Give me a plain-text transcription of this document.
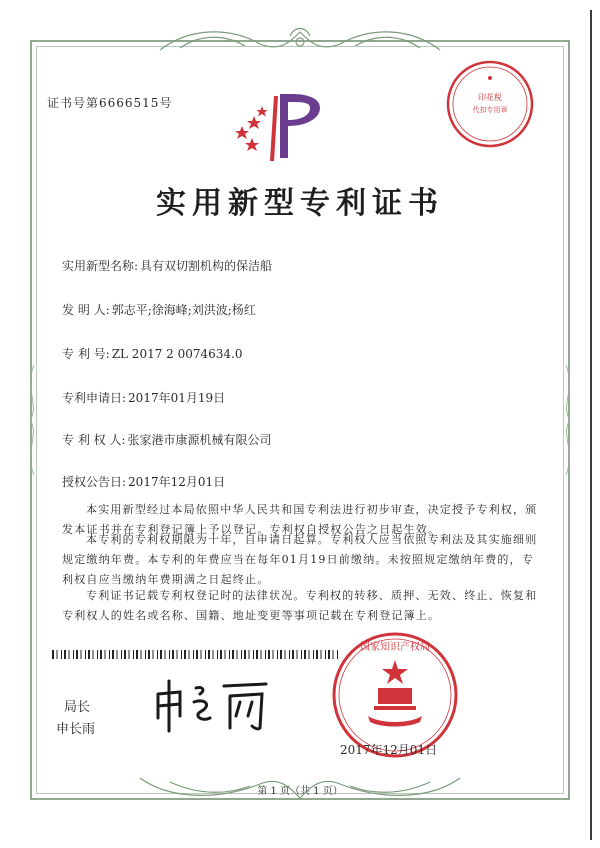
证书号第6666515号	印花税
代扣专用章
实用新型专利证书
实用新型名称: 具有双切割机构的保洁船
发 明 人: 郭志平;徐海峰;刘洪波;杨红
专 利 号: ZL 2017 2 0074634.0
专利申请日: 2017年01月19日
专 利 权 人: 张家港市康源机械有限公司
授权公告日: 2017年12月01日
本实用新型经过本局依照中华人民共和国专利法进行初步审查，决定授予专利权，颁发本证书并在专利登记簿上予以登记。专利权自授权公告之日起生效。
本专利的专利权期限为十年，自申请日起算。专利权人应当依照专利法及其实施细则规定缴纳年费。本专利的年费应当在每年01月19日前缴纳。未按照规定缴纳年费的，专利权自应当缴纳年费期满之日起终止。
专利证书记载专利权登记时的法律状况。专利权的转移、质押、无效、终止、恢复和专利权人的姓名或名称、国籍、地址变更等事项记载在专利登记簿上。
局长
申长雨
国家知识产权局
2017年12月01日
第 1 页（共 1 页）
